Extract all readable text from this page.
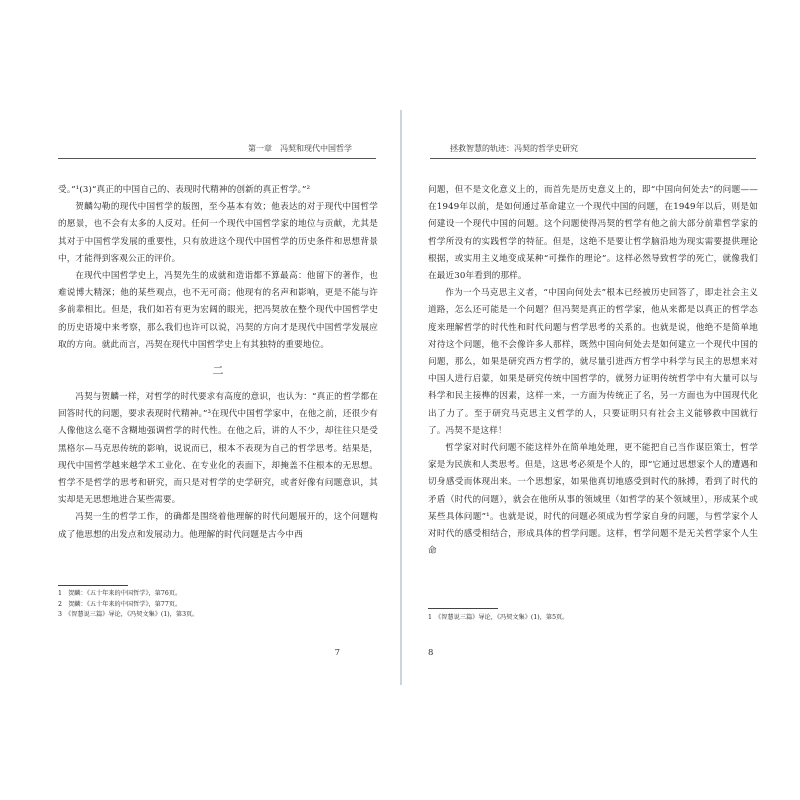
第一章　冯契和现代中国哲学

受。”¹(3)“真正的中国自己的、表现时代精神的创新的真正哲学。”²

贺麟勾勒的现代中国哲学的版图，至今基本有效；他表达的对于现代中国哲学的愿景，也不会有太多的人反对。任何一个现代中国哲学家的地位与贡献，尤其是其对于中国哲学发展的重要性，只有放进这个现代中国哲学的历史条件和思想背景中，才能得到客观公正的评价。

在现代中国哲学史上，冯契先生的成就和造诣都不算最高：他留下的著作，也难说博大精深；他的某些观点，也不无可商；他现有的名声和影响，更是不能与许多前辈相比。但是，我们如若有更为宏阔的眼光，把冯契放在整个现代中国哲学史的历史语境中来考察，那么我们也许可以说，冯契的方向才是现代中国哲学发展应取的方向。就此而言，冯契在现代中国哲学史上有其独特的重要地位。

二

冯契与贺麟一样，对哲学的时代要求有高度的意识，也认为：“真正的哲学都在回答时代的问题，要求表现时代精神。”³在现代中国哲学家中，在他之前，还很少有人像他这么毫不含糊地强调哲学的时代性。在他之后，讲的人不少，却往往只是受黑格尔—马克思传统的影响，说说而已，根本不表现为自己的哲学思考。结果是，现代中国哲学越来越学术工业化、在专业化的表面下，却掩盖不住根本的无思想。哲学不是哲学的思考和研究，而只是对哲学的史学研究，或者好像有问题意识，其实却是无思想地进合某些需要。

冯契一生的哲学工作，的确都是围绕着他理解的时代问题展开的，这个问题构成了他思想的出发点和发展动力。他理解的时代问题是古今中西

1　贺麟：《五十年来的中国哲学》，第76页。

2　贺麟：《五十年来的中国哲学》，第77页。

3　《智慧说三篇》导论，《冯契文集》(1)，第3页。

7
拯救智慧的轨迹：冯契的哲学史研究

问题，但不是文化意义上的，而首先是历史意义上的，即“中国向何处去”的问题——在1949年以前，是如何通过革命建立一个现代中国的问题，在1949年以后，则是如何建设一个现代中国的问题。这个问题使得冯契的哲学有他之前大部分前辈哲学家的哲学所没有的实践哲学的特征。但是，这绝不是要让哲学脑沿地为现实需要提供理论根据，或实用主义地变成某种“可操作的理论”。这样必然导致哲学的死亡，就像我们在最近30年看到的那样。

作为一个马克思主义者，“中国向何处去”根本已经被历史回答了，即走社会主义道路，怎么还可能是一个问题？但冯契是真正的哲学家，他从来都是以真正的哲学态度来理解哲学的时代性和时代问题与哲学思考的关系的。也就是说，他绝不是简单地对待这个问题，他不会像许多人那样，既然中国向何处去是如何建立一个现代中国的问题，那么，如果是研究西方哲学的，就尽量引进西方哲学中科学与民主的思想来对中国人进行启蒙，如果是研究传统中国哲学的，就努力证明传统哲学中有大量可以与科学和民主接榫的因素，这样一来，一方面为传统正了名，另一方面也为中国现代化出了力了。至于研究马克思主义哲学的人，只要证明只有社会主义能够救中国就行了。冯契不是这样！

哲学家对时代问题不能这样外在简单地处理，更不能把自己当作谋臣策士，哲学家是为民族和人类思考。但是，这思考必须是个人的，即“它通过思想家个人的遭遇和切身感受而体现出来。一个思想家，如果他真切地感受到时代的脉搏，看到了时代的矛盾（时代的问题），就会在他所从事的领域里（如哲学的某个领域里），形成某个或某些具体问题”¹。也就是说，时代的问题必须成为哲学家自身的问题，与哲学家个人对时代的感受相结合，形成具体的哲学问题。这样，哲学问题不是无关哲学家个人生命

1　《智慧说三篇》导论，《冯契文集》(1)，第5页。

8
